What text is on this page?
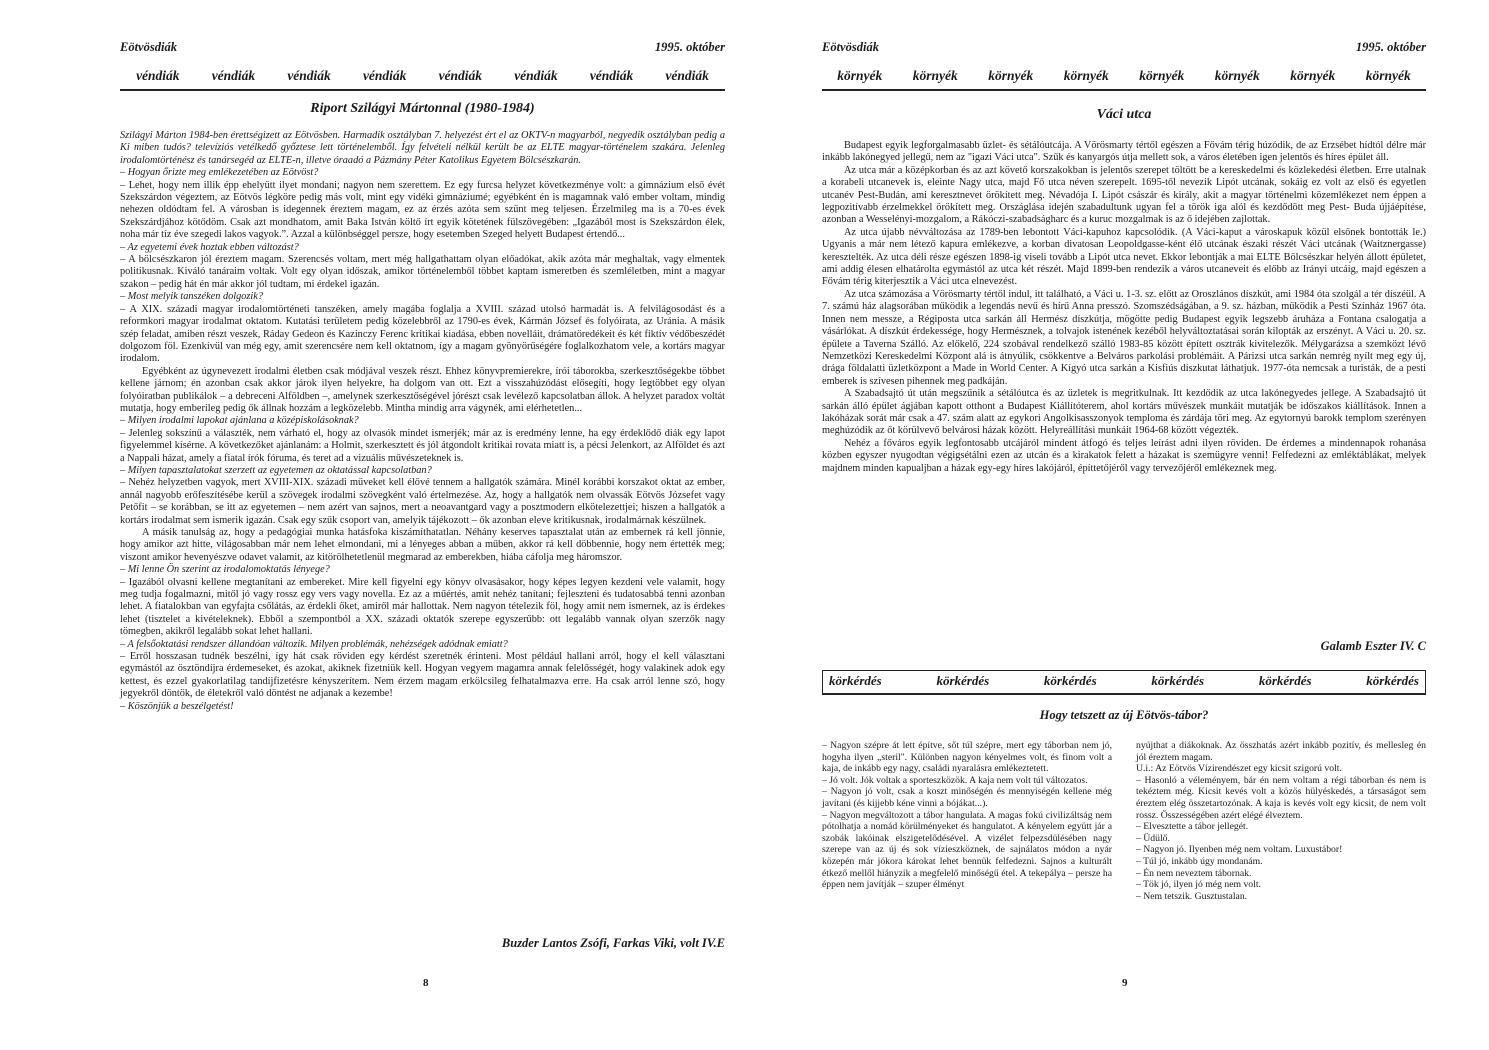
Eötvösdiák	1995. október
véndiák véndiák véndiák véndiák véndiák véndiák véndiák véndiák
Riport Szilágyi Mártonnal (1980-1984)

Szilágyi Márton 1984-ben érettségizett az Eötvösben. Harmadik osztályban 7. helyezést ért el az OKTV-n magyarból, negyedik osztályban pedig a Ki miben tudós? televíziós vetélkedő győztese lett történelemből. Így felvételi nélkül került be az ELTE magyar-történelem szakára. Jelenleg irodalomtörténész és tanársegéd az ELTE-n, illetve óraadó a Pázmány Péter Katolikus Egyetem Bölcsészkarán.

– Hogyan őrizte meg emlékezetében az Eötvöst?

– Lehet, hogy nem illik épp ehelyütt ilyet mondani; nagyon nem szerettem. Ez egy furcsa helyzet következménye volt: a gimnázium első évét Szekszárdon végeztem, az Eötvös légköre pedig más volt, mint egy vidéki gimnáziumé; egyébként én is magamnak való ember voltam, mindig nehezen oldódtam fel. A városban is idegennek éreztem magam, ez az érzés azóta sem szűnt meg teljesen. Érzelmileg ma is a 70-es évek Szekszárdjához kötődöm. Csak azt mondhatom, amit Baka István költő írt egyik kötetének fülszövegében: „Igazából most is Szekszárdon élek, noha már tíz éve szegedi lakos vagyok.”. Azzal a különbséggel persze, hogy esetemben Szeged helyett Budapest értendő...

– Az egyetemi évek hoztak ebben változást?

– A bölcsészkaron jól éreztem magam. Szerencsés voltam, mert még hallgathattam olyan előadókat, akik azóta már meghaltak, vagy elmentek politikusnak. Kiváló tanáraim voltak. Volt egy olyan időszak, amikor történelemből többet kaptam ismeretben és szemléletben, mint a magyar szakon – pedig hát én már akkor jól tudtam, mi érdekel igazán.

– Most melyik tanszéken dolgozik?

– A XIX. századi magyar irodalomtörténeti tanszéken, amely magába foglalja a XVIII. század utolsó harmadát is. A felvilágosodást és a reformkori magyar irodalmat oktatom. Kutatási területem pedig közelebbről az 1790-es évek, Kármán József és folyóirata, az Uránia. A másik szép feladat, amiben részt veszek, Ráday Gedeon és Kazinczy Ferenc kritikai kiadása, ebben novelláit, drámatöredékeit és két fiktív védőbeszédét dolgozom föl. Ezenkívül van még egy, amit szerencsére nem kell oktatnom, így a magam gyönyörűségére foglalkozhatom vele, a kortárs magyar irodalom.

Egyébként az úgynevezett irodalmi életben csak módjával veszek részt. Ehhez könyvpremierekre, írói táborokba, szerkesztőségekbe többet kellene járnom; én azonban csak akkor járok ilyen helyekre, ha dolgom van ott. Ezt a visszahúzódást elősegíti, hogy legtöbbet egy olyan folyóiratban publikálok – a debreceni Alföldben –, amelynek szerkesztőségével jórészt csak levélező kapcsolatban állok. A helyzet paradox voltát mutatja, hogy emberileg pedig ők állnak hozzám a legközelebb. Mintha mindig arra vágynék, ami elérhetetlen...

– Milyen irodalmi lapokat ajánlana a középiskolásoknak?

– Jelenleg sokszínű a választék, nem várható el, hogy az olvasók mindet ismerjék; már az is eredmény lenne, ha egy érdeklődő diák egy lapot figyelemmel kísérne. A következőket ajánlanám: a Holmit, szerkesztett és jól átgondolt kritikai rovata miatt is, a pécsi Jelenkort, az Alföldet és azt a Nappali házat, amely a fiatal írók fóruma, és teret ad a vizuális művészeteknek is.

– Milyen tapasztalatokat szerzett az egyetemen az oktatással kapcsolatban?

– Nehéz helyzetben vagyok, mert XVIII-XIX. századi műveket kell élővé tennem a hallgatók számára. Minél korábbi korszakot oktat az ember, annál nagyobb erőfeszítésébe kerül a szövegek irodalmi szövegként való értelmezése. Az, hogy a hallgatók nem olvassák Eötvös Józsefet vagy Petőfit – se korábban, se itt az egyetemen – nem azért van sajnos, mert a neoavantgard vagy a posztmodern elkötelezettjei; hiszen a hallgatók a kortárs irodalmat sem ismerik igazán. Csak egy szűk csoport van, amelyik tájékozott – ők azonban eleve kritikusnak, irodalmárnak készülnek.

A másik tanulság az, hogy a pedagógiai munka hatásfoka kiszámíthatatlan. Néhány keserves tapasztalat után az embernek rá kell jönnie, hogy amikor azt hitte, világosabban már nem lehet elmondani, mi a lényeges abban a műben, akkor rá kell döbbennie, hogy nem értették meg; viszont amikor hevenyészve odavet valamit, az kitörölhetetlenül megmarad az emberekben, hiába cáfolja meg háromszor.

– Mi lenne Ön szerint az irodalomoktatás lényege?

– Igazából olvasni kellene megtanítani az embereket. Mire kell figyelni egy könyv olvasásakor, hogy képes legyen kezdeni vele valamit, hogy meg tudja fogalmazni, mitől jó vagy rossz egy vers vagy novella. Ez az a műértés, amit nehéz tanítani; fejleszteni és tudatosabbá tenni azonban lehet. A fiatalokban van egyfajta csőlátás, az érdekli őket, amiről már hallottak. Nem nagyon tételezik föl, hogy amit nem ismernek, az is érdekes lehet (tisztelet a kivételeknek). Ebből a szempontból a XX. századi oktatók szerepe egyszerűbb: ott legalább vannak olyan szerzők nagy tömegben, akikről legalább sokat lehet hallani.

– A felsőoktatási rendszer állandóan változik. Milyen problémák, nehézségek adódnak emiatt?

– Erről hosszasan tudnék beszélni, így hát csak röviden egy kérdést szeretnék érinteni. Most például hallani arról, hogy el kell választani egymástól az ösztöndíjra érdemeseket, és azokat, akiknek fizetniük kell. Hogyan vegyem magamra annak felelősségét, hogy valakinek adok egy kettest, és ezzel gyakorlatilag tandíjfizetésre kényszerítem. Nem érzem magam erkölcsileg felhatalmazva erre. Ha csak arról lenne szó, hogy jegyekről döntök, de életekről való döntést ne adjanak a kezembe!

– Köszönjük a beszélgetést!

Buzder Lantos Zsófi, Farkas Viki, volt IV.E
8
Eötvösdiák	1995. október
környék környék környék környék környék környék környék környék
Váci utca

Budapest egyik legforgalmasabb üzlet- és sétálóutcája. A Vörösmarty tértől egészen a Fővám térig húzódik, de az Erzsébet hídtól délre már inkább lakónegyed jellegű, nem az "igazi Váci utca". Szűk és kanyargós útja mellett sok, a város életében igen jelentős és híres épület áll.

Az utca már a középkorban és az azt követő korszakokban is jelentős szerepet töltött be a kereskedelmi és közlekedési életben. Erre utalnak a korabeli utcanevek is, eleinte Nagy utca, majd Fő utca néven szerepelt. 1695-től nevezik Lipót utcának, sokáig ez volt az első és egyetlen utcanév Pest-Budán, ami keresztnevet örökített meg. Névadója I. Lipót császár és király, akit a magyar történelmi közemlékezet nem éppen a legpozitívabb érzelmekkel örökített meg. Országlása idején szabadultunk ugyan fel a török iga alól és kezdődött meg Pest- Buda újjáépítése, azonban a Wesselényi-mozgalom, a Rákóczi-szabadságharc és a kuruc mozgalmak is az ő idejében zajlottak.

Az utca újabb névváltozása az 1789-ben lebontott Váci-kapuhoz kapcsolódik. (A Váci-kaput a városkapuk közül elsőnek bontották le.) Ugyanis a már nem létező kapura emlékezve, a korban divatosan Leopoldgasse-ként élő utcának északi részét Váci utcának (Waitznergasse) keresztelték. Az utca déli része egészen 1898-ig viseli tovább a Lipót utca nevet. Ekkor lebontják a mai ELTE Bölcsészkar helyén állott épületet, ami addig élesen elhatárolta egymástól az utca két részét. Majd 1899-ben rendezik a város utcaneveit és előbb az Irányi utcáig, majd egészen a Fővám térig kiterjesztik a Váci utca elnevezést.

Az utca számozása a Vörösmarty tértől indul, itt található, a Váci u. 1-3. sz. előtt az Oroszlános díszkút, ami 1984 óta szolgál a tér díszéül. A 7. számú ház alagsorában működik a legendás nevű és hírű Anna presszó. Szomszédságában, a 9. sz. házban, működik a Pesti Színház 1967 óta. Innen nem messze, a Régiposta utca sarkán áll Hermész díszkútja, mögötte pedig Budapest egyik legszebb áruháza a Fontana csalogatja a vásárlókat. A díszkút érdekessége, hogy Hermésznek, a tolvajok istenének kezéből helyváltoztatásai során kilopták az erszényt. A Váci u. 20. sz. épülete a Taverna Szálló. Az előkelő, 224 szobával rendelkező szálló 1983-85 között épített osztrák kivitelezők. Mélygarázsa a szemközt lévő Nemzetközi Kereskedelmi Központ alá is átnyúlik, csökkentve a Belváros parkolási problémáit. A Párizsi utca sarkán nemrég nyílt meg egy új, drága földalatti üzletközpont a Made in World Center. A Kígyó utca sarkán a Kisfiús díszkutat láthatjuk. 1977-óta nemcsak a turisták, de a pesti emberek is szívesen pihennek meg padkáján.

A Szabadsajtó út után megszűnik a sétálóutca és az üzletek is megritkulnak. Itt kezdődik az utca lakónegyedes jellege. A Szabadsajtó út sarkán álló épület ágjában kapott otthont a Budapest Kiállítóterem, ahol kortárs művészek munkáit mutatják be időszakos kiállítások. Innen a lakóházak sorát már csak a 47. szám alatt az egykori Angolkisasszonyok temploma és zárdája töri meg. Az egytornyú barokk templom szerényen meghúzódik az őt körülvevő belvárosi házak között. Helyreállítási munkáit 1964-68 között végezték.

Nehéz a főváros egyik legfontosabb utcájáról mindent átfogó és teljes leírást adni ilyen röviden. De érdemes a mindennapok rohanása közben egyszer nyugodtan végigsétálni ezen az utcán és a kirakatok felett a házakat is szemügyre venni! Felfedezni az emléktáblákat, melyek majdnem minden kapualjban a házak egy-egy híres lakójáról, építtetőjéről vagy tervezőjéről emlékeznek meg.

Galamb Eszter IV. C
körkérdés	körkérdés	körkérdés	körkérdés	körkérdés	körkérdés
Hogy tetszett az új Eötvös-tábor?

– Nagyon szépre át lett építve, sőt túl szépre, mert egy táborban nem jó, hogyha ilyen „steril". Különben nagyon kényelmes volt, és finom volt a kaja, de inkább egy nagy, családi nyaralásra emlékeztetett.

– Jó volt. Jók voltak a sporteszközök. A kaja nem volt túl változatos.

– Nagyon jó volt, csak a koszt minőségén és mennyiségén kellene még javítani (és kijjebb kéne vinni a bójákat...).

– Nagyon megváltozott a tábor hangulata. A magas fokú civilizáltság nem pótolhatja a nomád körülményeket és hangulatot. A kényelem együtt jár a szobák lakóinak elszigetelődésével. A vizélet felpezsdülésében nagy szerepe van az új és sok vízieszköznek, de sajnálatos módon a nyár közepén már jókora károkat lehet bennük felfedezni. Sajnos a kulturált étkező mellől hiányzik a megfelelő minőségű étel. A tekepálya – persze ha éppen nem javítják – szuper élményt

nyújthat a diákoknak. Az összhatás azért inkább pozitív, és mellesleg én jól éreztem magam.

U.i.: Az Eötvös Vízirendészet egy kicsit szigorú volt.

– Hasonló a véleményem, bár én nem voltam a régi táborban és nem is tekéztem még. Kicsit kevés volt a közös hülyéskedés, a társaságot sem éreztem elég összetartozónak. A kaja is kevés volt egy kicsit, de nem volt rossz. Összességében azért elégé élveztem.

– Elvesztette a tábor jellegét.

– Üdülő.

– Nagyon jó. Ilyenben még nem voltam. Luxustábor!

– Túl jó, inkább úgy mondanám.

– Én nem neveztem tábornak.

– Tök jó, ilyen jó még nem volt.

– Nem tetszik. Gusztustalan.

9
